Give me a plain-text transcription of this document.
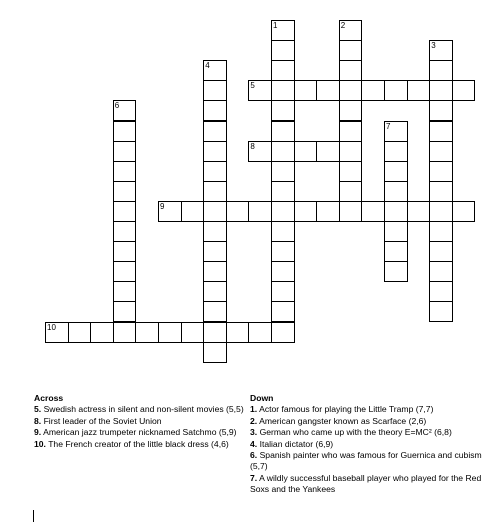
1	2
3
4
6
7
5
8
9
10
Across

5. Swedish actress in silent and non-silent movies (5,5)

8. First leader of the Soviet Union

9. American jazz trumpeter nicknamed Satchmo (5,9)

10. The French creator of the little black dress (4,6)

Down

1. Actor famous for playing the Little Tramp (7,7)

2. American gangster known as Scarface (2,6)

3. German who came up with the theory E=MC² (6,8)

4. Italian dictator (6,9)

6. Spanish painter who was famous for Guernica and cubism (5,7)

7. A wildly successful baseball player who played for the Red Soxs and the Yankees
